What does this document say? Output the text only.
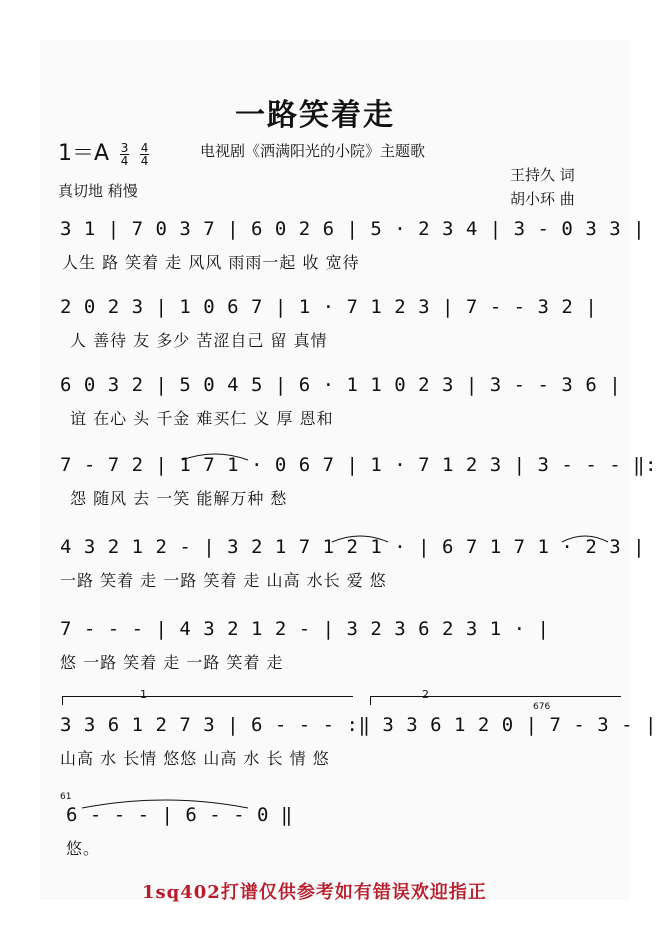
一路笑着走
$1=A \frac{3}{4}$
$\frac{4}{4}$	电视剧《洒满阳光的小院》主题歌
真切地 稍慢
王持久 词
胡小环 曲
3 1 | 7 0 3 7 | 6 0 2 6 | 5 · 2 3 4 | 3 - 0 3 3 |
人生 路 笑着 走 风风 雨雨一起 收 宽待
2 0 2 3 | 1 0 6 7 | 1 · 7 1 2 3 | 7 - - 3 2 |
人 善待 友 多少 苦涩自己 留 真情
6 0 3 2 | 5 0 4 5 | 6 · 1 1 0 2 3 | 3 - - 3 6 |
谊 在心 头 千金 难买仁 义 厚 恩和
7 - 7 2 | 1 7 1 · 0 6 7 | 1 · 7 1 2 3 | 3 - - - ‖:
怨 随风 去 一笑 能解万种 愁
4 3 2 1 2 - | 3 2 1 7 1 2 1 · | 6 7 1 7 1 · 2 3 |
一路 笑着 走 一路 笑着 走 山高 水长 爱 悠
7 - - - | 4 3 2 1 2 - | 3 2 3 6 2 3 1 · |
悠 一路 笑着 走 一路 笑着 走
1	2
3 3 6 1 2 7 3 | 6 - - - :‖ 3 3 6 1 2 0 | 7 - 3 - |
676
山高 水 长情 悠悠 山高 水 长 情 悠
61
6 - - - | 6 - - 0 ‖
悠。
1sq402打谱仅供参考如有错误欢迎指正
